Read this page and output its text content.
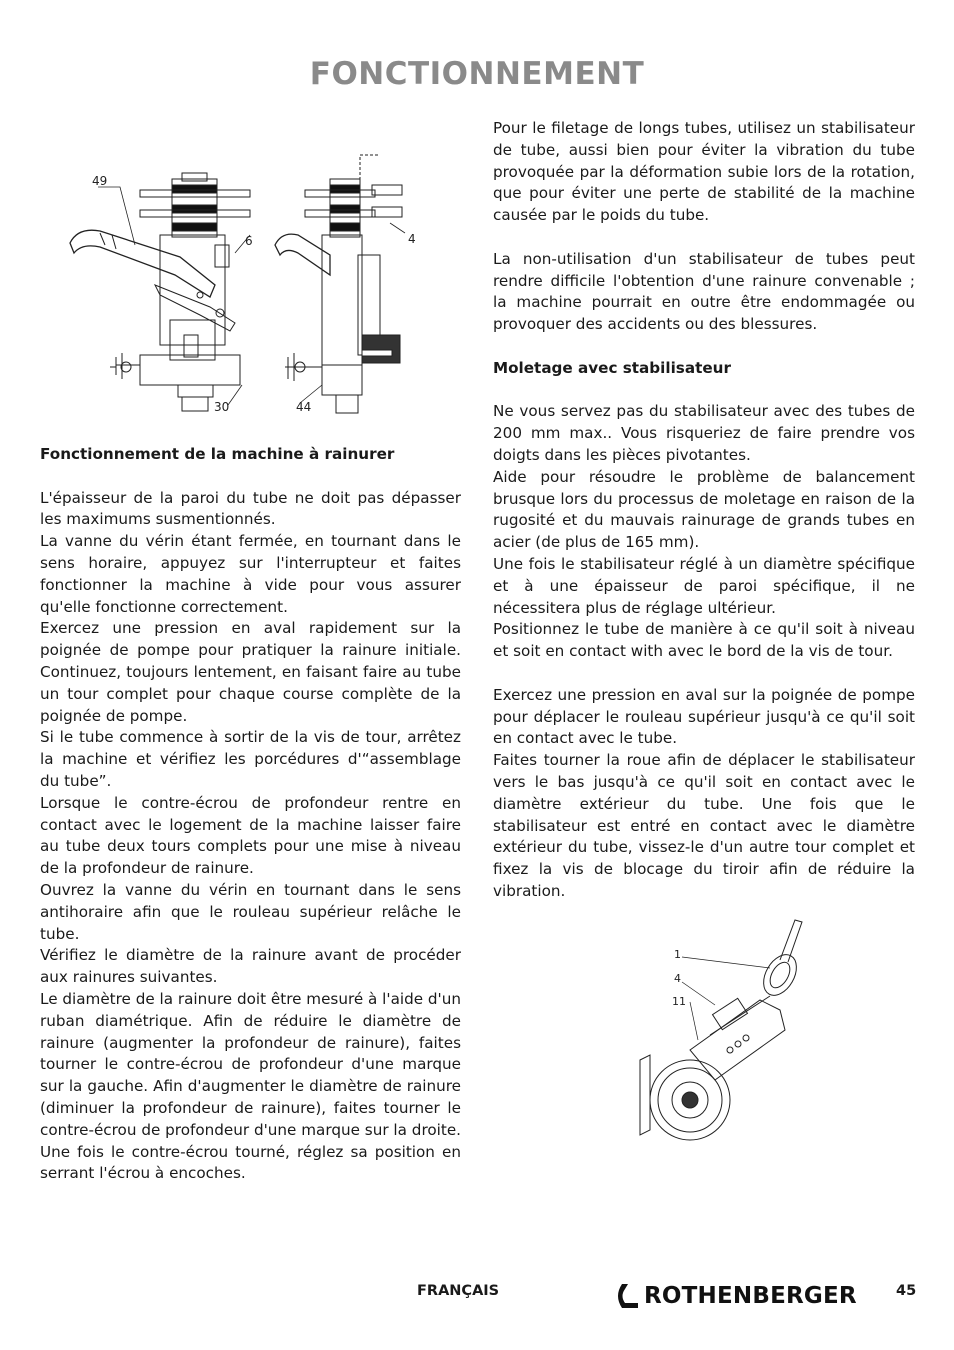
FONCTIONNEMENT
49
6	4
30	44
Fonctionnement de la machine à rainurer

L'épaisseur de la paroi du tube ne doit pas dépasser les maximums susmentionnés.

La vanne du vérin étant fermée, en tournant dans le sens horaire, appuyez sur l'interrupteur et faites fonctionner la machine à vide pour vous assurer qu'elle fonctionne correctement.

Exercez une pression en aval rapidement sur la poignée de pompe pour pratiquer la rainure initiale. Continuez, toujours lentement, en faisant faire au tube un tour complet pour chaque course complète de la poignée de pompe.

Si le tube commence à sortir de la vis de tour, arrêtez la machine et vérifiez les porcédures d'“assemblage du tube”.

Lorsque le contre-écrou de profondeur rentre en contact avec le logement de la machine laisser faire au tube deux tours complets pour une mise à niveau de la profondeur de rainure.

Ouvrez la vanne du vérin en tournant dans le sens antihoraire afin que le rouleau supérieur relâche le tube.

Vérifiez le diamètre de la rainure avant de procéder aux rainures suivantes.

Le diamètre de la rainure doit être mesuré à l'aide d'un ruban diamétrique. Afin de réduire le diamètre de rainure (augmenter la profondeur de rainure), faites tourner le contre-écrou de profondeur d'une marque sur la gauche. Afin d'augmenter le diamètre de rainure (diminuer la profondeur de rainure), faites tourner le contre-écrou de profondeur d'une marque sur la droite. Une fois le contre-écrou tourné, réglez sa position en serrant l'écrou à encoches.

Pour le filetage de longs tubes, utilisez un stabilisateur de tube, aussi bien pour éviter la vibration du tube provoquée par la déformation subie lors de la rotation, que pour éviter une perte de stabilité de la machine causée par le poids du tube.

La non-utilisation d'un stabilisateur de tubes peut rendre difficile l'obtention d'une rainure convenable ; la machine pourrait en outre être endommagée ou provoquer des accidents ou des blessures.

Moletage avec stabilisateur

Ne vous servez pas du stabilisateur avec des tubes de 200 mm max.. Vous risqueriez de faire prendre vos doigts dans les pièces pivotantes.

Aide pour résoudre le problème de balancement brusque lors du processus de moletage en raison de la rugosité et du mauvais rainurage de grands tubes en acier (de plus de 165 mm).

Une fois le stabilisateur réglé à un diamètre spécifique et à une épaisseur de paroi spécifique, il ne nécessitera plus de réglage ultérieur.

Positionnez le tube de manière à ce qu'il soit à niveau et soit en contact with avec le bord de la vis de tour.

Exercez une pression en aval sur la poignée de pompe pour déplacer le rouleau supérieur jusqu'à ce qu'il soit en contact avec le tube.

Faites tourner la roue afin de déplacer le stabilisateur vers le bas jusqu'à ce qu'il soit en contact avec le diamètre extérieur du tube. Une fois que le stabilisateur est entré en contact avec le diamètre extérieur du tube, vissez-le d'un autre tour complet et fixez la vis de blocage du tiroir afin de réduire la vibration.

1
4
11
FRANÇAIS	ROTHENBERGER	45
